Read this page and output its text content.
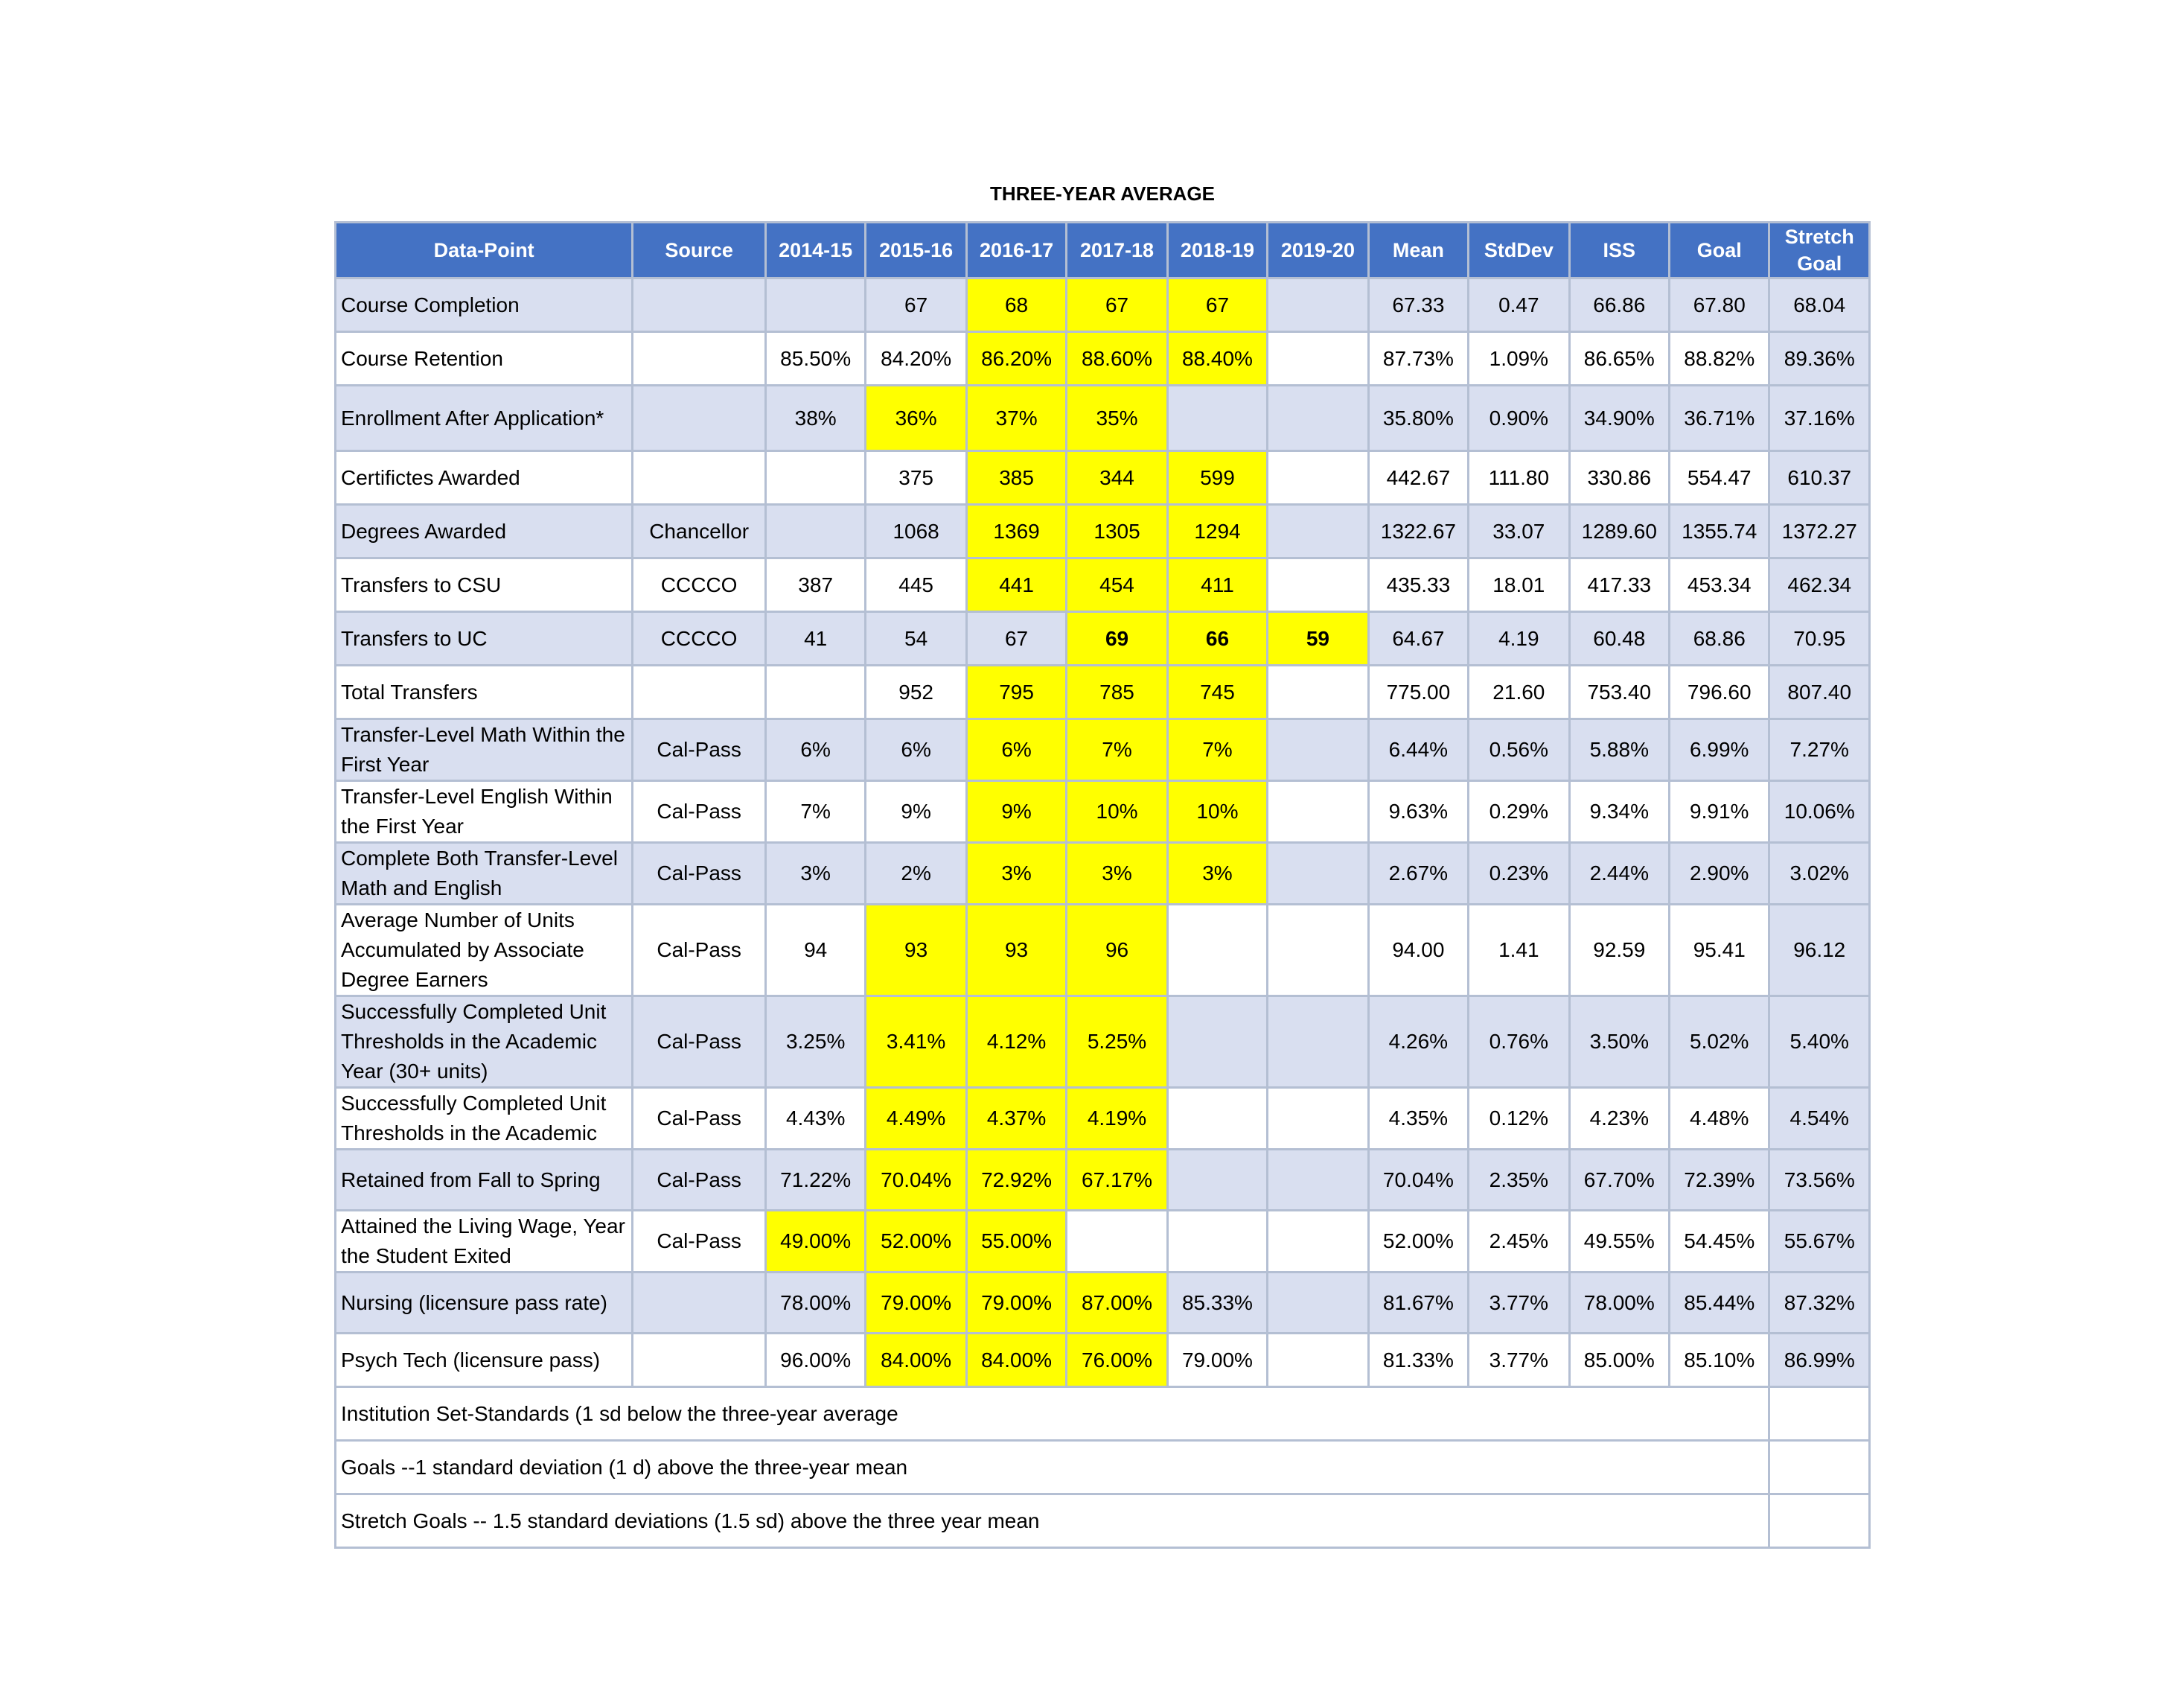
THREE-YEAR AVERAGE
Data-Point	Source	2014-15	2015-16	2016-17	2017-18	2018-19	2019-20	Mean	StdDev	ISS	Goal	Stretch Goal
Course Completion			67	68	67	67		67.33	0.47	66.86	67.80	68.04
Course Retention		85.50%	84.20%	86.20%	88.60%	88.40%		87.73%	1.09%	86.65%	88.82%	89.36%
Enrollment After Application*		38%	36%	37%	35%			35.80%	0.90%	34.90%	36.71%	37.16%
Certifictes Awarded			375	385	344	599		442.67	111.80	330.86	554.47	610.37
Degrees Awarded	Chancellor		1068	1369	1305	1294		1322.67	33.07	1289.60	1355.74	1372.27
Transfers to CSU	CCCCO	387	445	441	454	411		435.33	18.01	417.33	453.34	462.34
Transfers to UC	CCCCO	41	54	67	69	66	59	64.67	4.19	60.48	68.86	70.95
Total Transfers			952	795	785	745		775.00	21.60	753.40	796.60	807.40
Transfer-Level Math Within the First Year	Cal-Pass	6%	6%	6%	7%	7%		6.44%	0.56%	5.88%	6.99%	7.27%
Transfer-Level English Within the First Year	Cal-Pass	7%	9%	9%	10%	10%		9.63%	0.29%	9.34%	9.91%	10.06%
Complete Both Transfer-Level Math and English	Cal-Pass	3%	2%	3%	3%	3%		2.67%	0.23%	2.44%	2.90%	3.02%
Average Number of Units Accumulated by Associate Degree Earners	Cal-Pass	94	93	93	96			94.00	1.41	92.59	95.41	96.12
Successfully Completed Unit Thresholds in the Academic Year (30+ units)	Cal-Pass	3.25%	3.41%	4.12%	5.25%			4.26%	0.76%	3.50%	5.02%	5.40%
Successfully Completed Unit Thresholds in the Academic	Cal-Pass	4.43%	4.49%	4.37%	4.19%			4.35%	0.12%	4.23%	4.48%	4.54%
Retained from Fall to Spring	Cal-Pass	71.22%	70.04%	72.92%	67.17%			70.04%	2.35%	67.70%	72.39%	73.56%
Attained the Living Wage, Year the Student Exited	Cal-Pass	49.00%	52.00%	55.00%				52.00%	2.45%	49.55%	54.45%	55.67%
Nursing (licensure pass rate)		78.00%	79.00%	79.00%	87.00%	85.33%		81.67%	3.77%	78.00%	85.44%	87.32%
Psych Tech (licensure pass)		96.00%	84.00%	84.00%	76.00%	79.00%		81.33%	3.77%	85.00%	85.10%	86.99%
Institution Set-Standards (1 sd below the three-year average												
Goals --1 standard deviation (1 d) above the three-year mean												
Stretch Goals -- 1.5 standard deviations (1.5 sd) above the three year mean												
